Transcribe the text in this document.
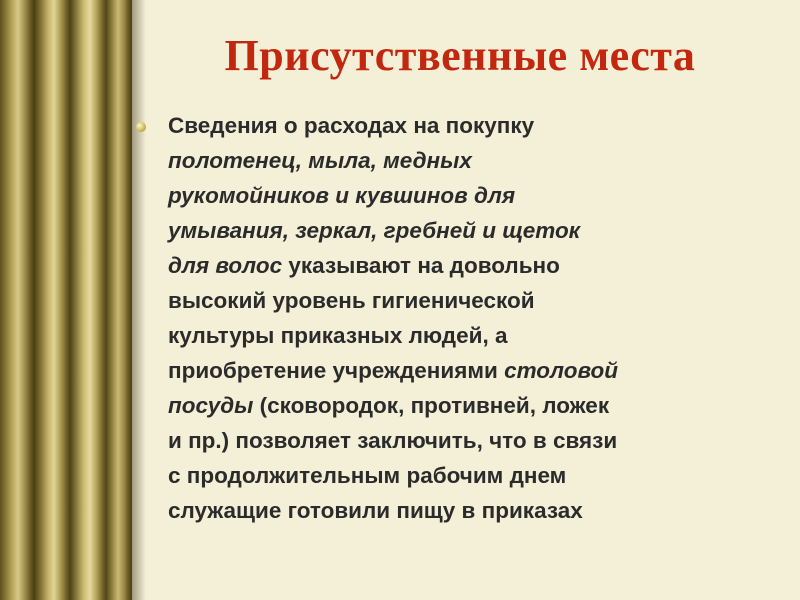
Присутственные места

Сведения о расходах на покупку
полотенец, мыла, медных
рукомойников и кувшинов для
умывания, зеркал, гребней и щеток
для волос указывают на довольно
высокий уровень гигиенической
культуры приказных людей, а
приобретение учреждениями столовой
посуды (сковородок, противней, ложек
и пр.) позволяет заключить, что в связи
с продолжительным рабочим днем
служащие готовили пищу в приказах
